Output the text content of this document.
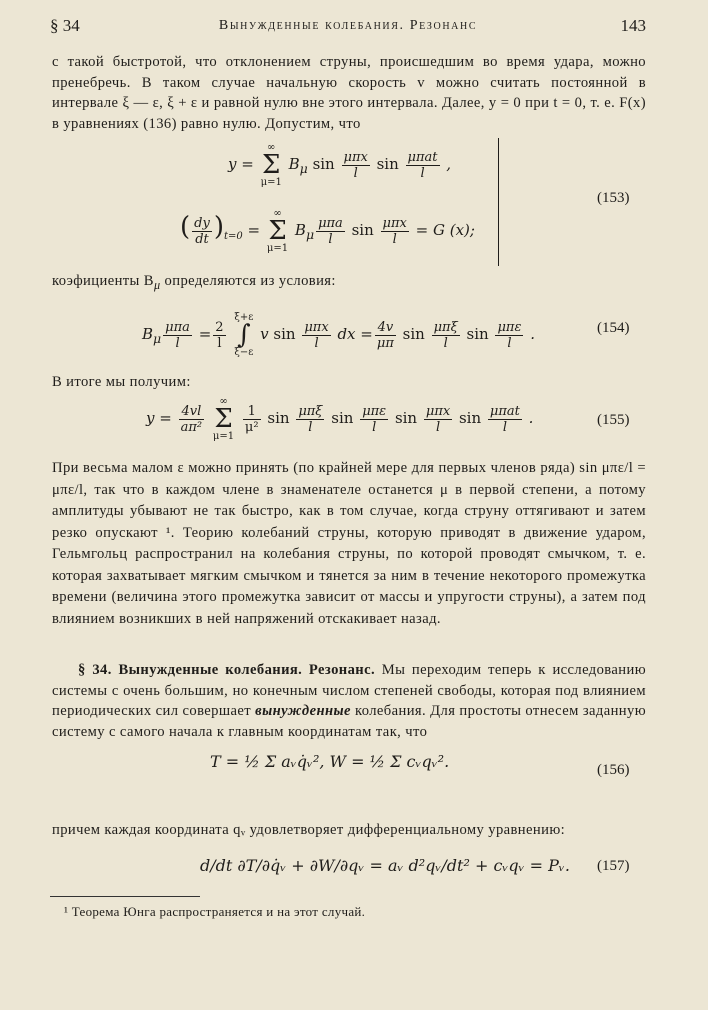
§ 34	Вынужденные колебания. Резонанс	143

с такой быстротой, что отклонением струны, происшедшим во время удара, можно пренебречь. В таком случае начальную скорость v можно считать постоянной в интервале ξ — ε, ξ + ε и равной нулю вне этого интервала. Далее, y = 0 при t = 0, т. е. F(x) в уравнениях (136) равно нулю. Допустим, что

y =
∞
Σ
μ=1
$B_\mu$ $\sin \frac{\text{μπx}}{l}$ $\sin \frac{\text{μπat}}{l}$ ,
( $\frac{dy}{dt} )_{t=0}$ =
∞
Σ
μ=1
$B_\mu \frac{\text{μπa}}{l}$ $\sin \frac{\text{μπx}}{l} = G$ (x);
(153)

коэфициенты $B_\mu$ определяются из условия:

$B_\mu \frac{\text{μπa}}{l} = \frac{2}{l}$

ξ+ε
∫
ξ−ε
v $\sin \frac{\text{μπx}}{l}$ dx = $\frac{4v}{\mu\pi}$ $\sin \frac{\text{μπξ}}{l}$ $\sin \frac{\text{μπε}}{l}$ .	(154)

В итоге мы получим:

$y = \frac{4vl}{\text{aπ²}}$

∞
Σ
μ=1

$\frac{1}{\text{μ²}}$ $\sin \frac{\text{μπξ}}{l}$ $\sin \frac{\text{μπε}}{l}$ $\sin \frac{\text{μπx}}{l}$ $\sin \frac{\text{μπat}}{l}$ .	(155)

При весьма малом ε можно принять (по крайней мере для первых членов ряда) sin μπε/l = μπε/l, так что в каждом члене в знаменателе останется μ в первой степени, а потому амплитуды убывают не так быстро, как в том случае, когда струну оттягивают и затем резко опускают ¹. Теорию колебаний струны, которую приводят в движение ударом, Гельмгольц распространил на колебания струны, по которой проводят смычком, т. е. которая захватывает мягким смычком и тянется за ним в течение некоторого промежутка времени (величина этого промежутка зависит от массы и упругости струны), а затем под влиянием возникших в ней напряжений отскакивает назад.

§ 34. Вынужденные колебания. Резонанс. Мы переходим теперь к исследованию системы с очень большим, но конечным числом степеней свободы, которая под влиянием периодических сил совершает вынужденные колебания. Для простоты отнесем заданную систему с самого начала к главным координатам так, что

T = ½ Σ aᵥq̇ᵥ², W = ½ Σ cᵥqᵥ².	(156)

причем каждая координата qᵥ удовлетворяет дифференциальному уравнению:

d/dt ∂T/∂q̇ᵥ + ∂W/∂qᵥ = aᵥ d²qᵥ/dt² + cᵥqᵥ = Pᵥ. (157)
¹ Теорема Юнга распространяется и на этот случай.
